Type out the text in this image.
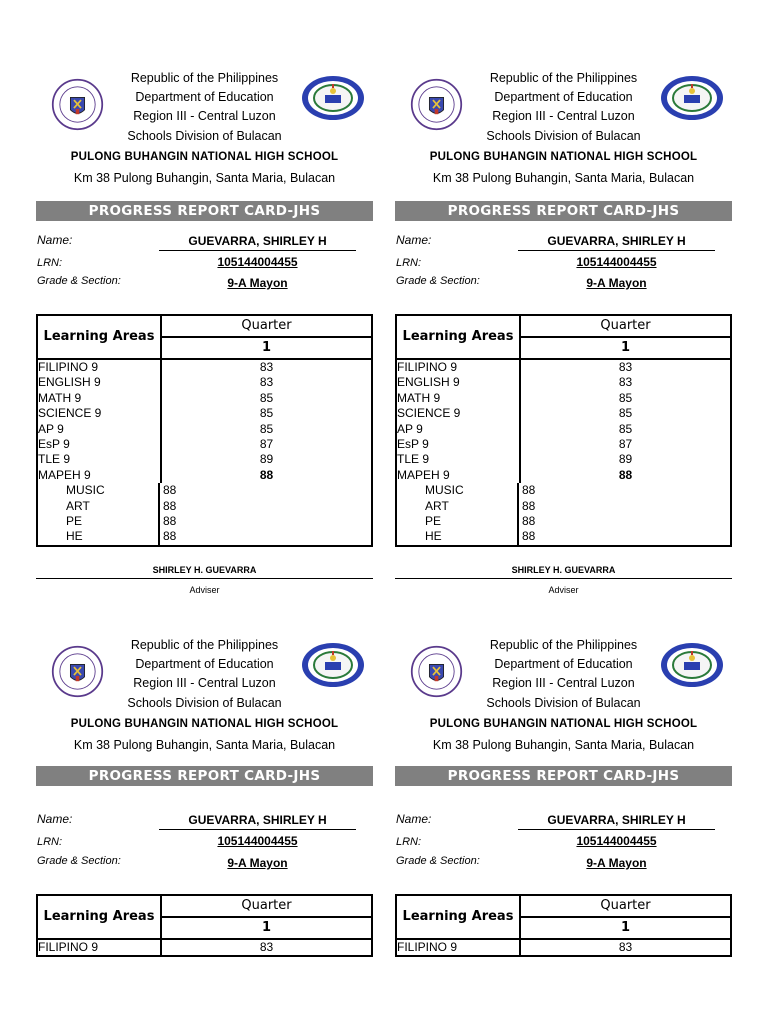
Republic of the Philippines
Department of Education
Region III - Central Luzon
Schools Division of Bulacan
PULONG BUHANGIN NATIONAL HIGH SCHOOL
Km 38 Pulong Buhangin, Santa Maria, Bulacan
PROGRESS REPORT CARD-JHS
Name:	GUEVARRA, SHIRLEY H
LRN:	105144004455
Grade & Section:	9-A Mayon
Learning Areas
Quarter
1
FILIPINO 9	83
ENGLISH 9	83
MATH 9	85
SCIENCE 9	85
AP 9	85
EsP 9	87
TLE 9	89
MAPEH 9	88
MUSIC	88
ART	88
PE	88
HE	88
SHIRLEY H. GUEVARRA
Adviser
Republic of the Philippines
Department of Education
Region III - Central Luzon
Schools Division of Bulacan
PULONG BUHANGIN NATIONAL HIGH SCHOOL
Km 38 Pulong Buhangin, Santa Maria, Bulacan
PROGRESS REPORT CARD-JHS
Name:	GUEVARRA, SHIRLEY H
LRN:	105144004455
Grade & Section:	9-A Mayon
Learning Areas
Quarter
1
FILIPINO 9	83
ENGLISH 9	83
MATH 9	85
SCIENCE 9	85
AP 9	85
EsP 9	87
TLE 9	89
MAPEH 9	88
MUSIC	88
ART	88
PE	88
HE	88
SHIRLEY H. GUEVARRA
Adviser
Republic of the Philippines
Department of Education
Region III - Central Luzon
Schools Division of Bulacan
PULONG BUHANGIN NATIONAL HIGH SCHOOL
Km 38 Pulong Buhangin, Santa Maria, Bulacan
PROGRESS REPORT CARD-JHS
Name:	GUEVARRA, SHIRLEY H
LRN:	105144004455
Grade & Section:	9-A Mayon
Learning Areas
Quarter
1
FILIPINO 9	83
Republic of the Philippines
Department of Education
Region III - Central Luzon
Schools Division of Bulacan
PULONG BUHANGIN NATIONAL HIGH SCHOOL
Km 38 Pulong Buhangin, Santa Maria, Bulacan
PROGRESS REPORT CARD-JHS
Name:	GUEVARRA, SHIRLEY H
LRN:	105144004455
Grade & Section:	9-A Mayon
Learning Areas
Quarter
1
FILIPINO 9	83
